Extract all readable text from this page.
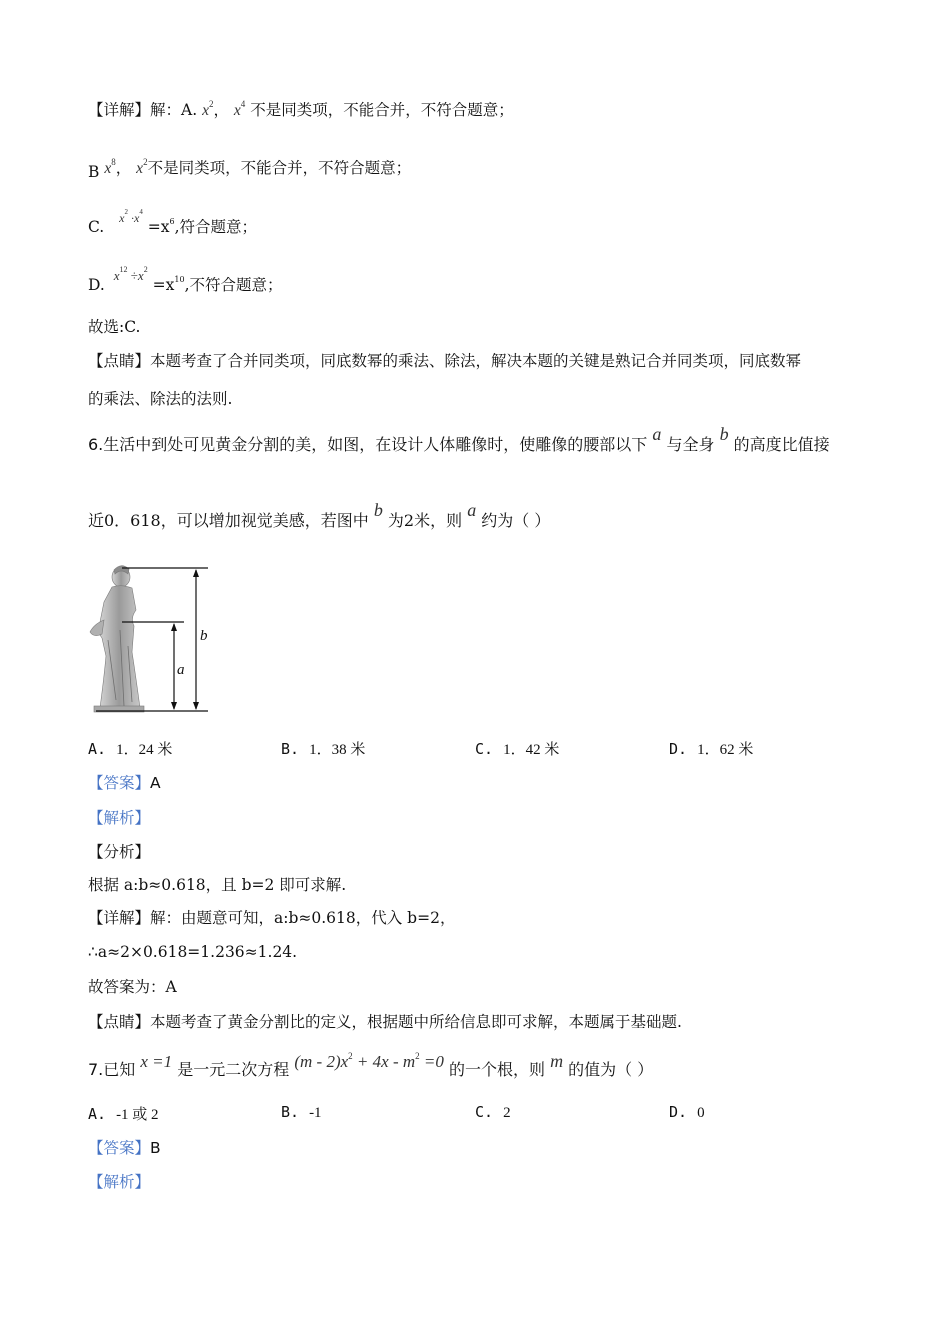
【详解】解：A. $x^2$， $x^4$ 不是同类项，不能合并，不符合题意；
B $x^8$， $x^2$不是同类项，不能合并，不符合题意；
C. $^{x^2 \cdot x^4} =x^6$,符合题意；
D. $^{x^{12} \div x^2} =x^{10}$,不符合题意；
故选:C.
【点睛】本题考查了合并同类项，同底数幂的乘法、除法，解决本题的关键是熟记合并同类项，同底数幂
的乘法、除法的法则.
6.生活中到处可见黄金分割的美，如图，在设计人体雕像时，使雕像的腰部以下 a 与全身 b 的高度比值接
近0．618，可以增加视觉美感，若图中 b 为2米，则 a 约为（ ）
b
a
A. 1．24 米	B. 1．38 米	C. 1．42 米	D. 1．62 米
【答案】A
【解析】
【分析】
根据 a:b≈0.618，且 b=2 即可求解.
【详解】解：由题意可知，a:b≈0.618，代入 b=2，
∴a≈2×0.618=1.236≈1.24.
故答案为：A
【点睛】本题考查了黄金分割比的定义，根据题中所给信息即可求解，本题属于基础题.
7.已知 x =1 是一元二次方程 $(m - 2)x^2 + 4x - m^2 =0$ 的一个根，则 m 的值为（ ）
A. -1 或 2	B. -1	C. 2	D. 0
【答案】B
【解析】
